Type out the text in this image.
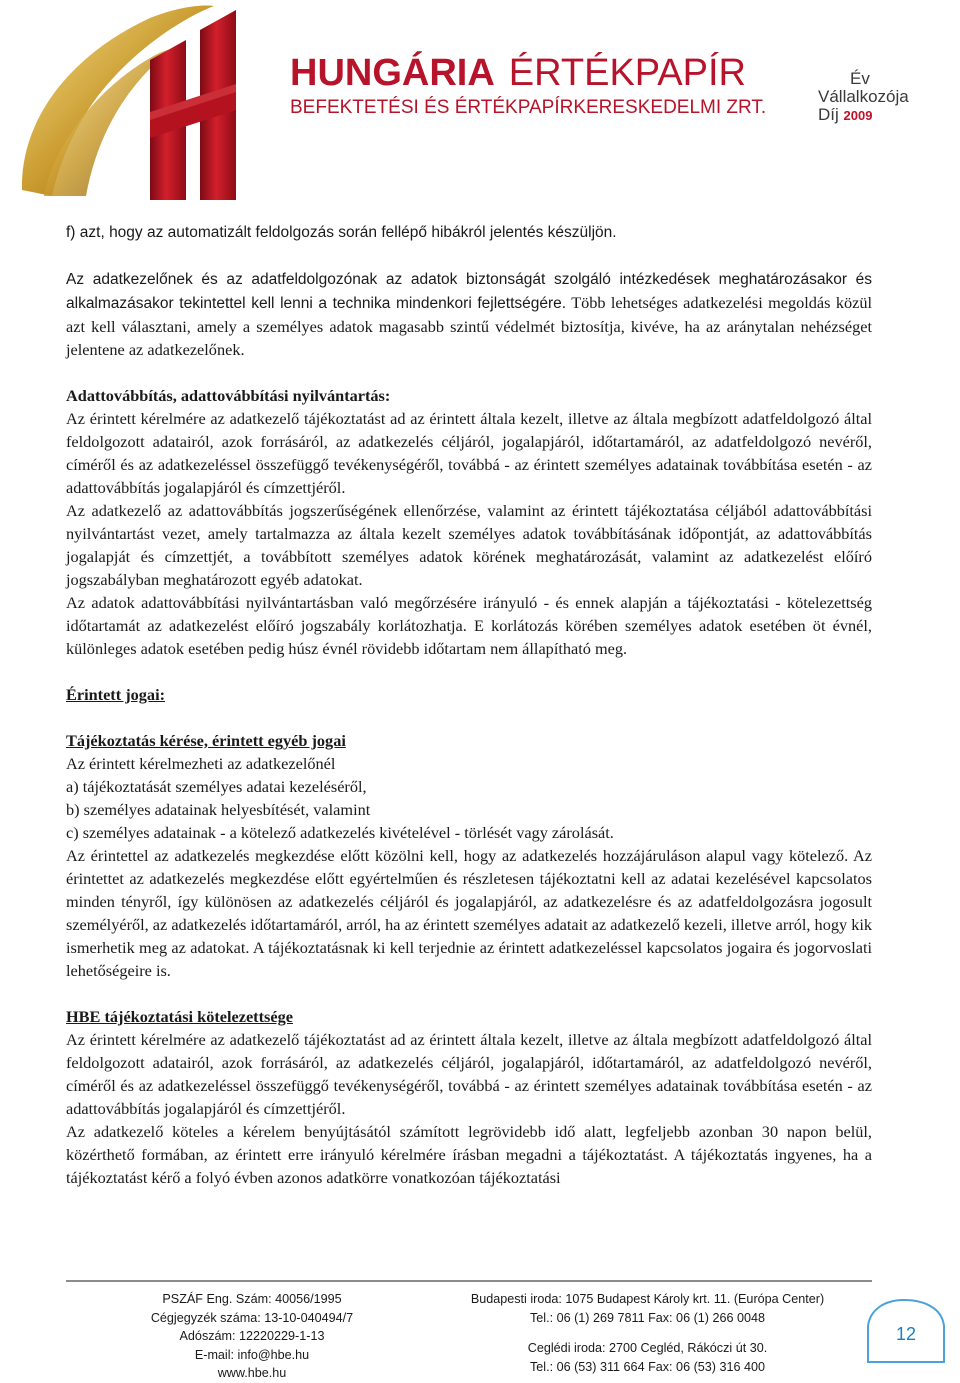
HUNGÁRIA ÉRTÉKPAPÍR
BEFEKTETÉSI ÉS ÉRTÉKPAPÍRKERESKEDELMI ZRT.
Év
Vállalkozója
Díj 2009

f) azt, hogy az automatizált feldolgozás során fellépő hibákról jelentés készüljön.

Az adatkezelőnek és az adatfeldolgozónak az adatok biztonságát szolgáló intézkedések meghatározásakor és alkalmazásakor tekintettel kell lenni a technika mindenkori fejlettségére. Több lehetséges adatkezelési megoldás közül azt kell választani, amely a személyes adatok magasabb szintű védelmét biztosítja, kivéve, ha az aránytalan nehézséget jelentene az adatkezelőnek.

Adattovábbítás, adattovábbítási nyilvántartás:

Az érintett kérelmére az adatkezelő tájékoztatást ad az érintett általa kezelt, illetve az általa megbízott adatfeldolgozó által feldolgozott adatairól, azok forrásáról, az adatkezelés céljáról, jogalapjáról, időtartamáról, az adatfeldolgozó nevéről, címéről és az adatkezeléssel összefüggő tevékenységéről, továbbá - az érintett személyes adatainak továbbítása esetén - az adattovábbítás jogalapjáról és címzettjéről.

Az adatkezelő az adattovábbítás jogszerűségének ellenőrzése, valamint az érintett tájékoztatása céljából adattovábbítási nyilvántartást vezet, amely tartalmazza az általa kezelt személyes adatok továbbításának időpontját, az adattovábbítás jogalapját és címzettjét, a továbbított személyes adatok körének meghatározását, valamint az adatkezelést előíró jogszabályban meghatározott egyéb adatokat.

Az adatok adattovábbítási nyilvántartásban való megőrzésére irányuló - és ennek alapján a tájékoztatási - kötelezettség időtartamát az adatkezelést előíró jogszabály korlátozhatja. E korlátozás körében személyes adatok esetében öt évnél, különleges adatok esetében pedig húsz évnél rövidebb időtartam nem állapítható meg.

Érintett jogai:

Tájékoztatás kérése, érintett egyéb jogai

Az érintett kérelmezheti az adatkezelőnél

a) tájékoztatását személyes adatai kezeléséről,

b) személyes adatainak helyesbítését, valamint

c) személyes adatainak - a kötelező adatkezelés kivételével - törlését vagy zárolását.

Az érintettel az adatkezelés megkezdése előtt közölni kell, hogy az adatkezelés hozzájáruláson alapul vagy kötelező. Az érintettet az adatkezelés megkezdése előtt egyértelműen és részletesen tájékoztatni kell az adatai kezelésével kapcsolatos minden tényről, így különösen az adatkezelés céljáról és jogalapjáról, az adatkezelésre és az adatfeldolgozásra jogosult személyéről, az adatkezelés időtartamáról, arról, ha az érintett személyes adatait az adatkezelő kezeli, illetve arról, hogy kik ismerhetik meg az adatokat. A tájékoztatásnak ki kell terjednie az érintett adatkezeléssel kapcsolatos jogaira és jogorvoslati lehetőségeire is.

HBE tájékoztatási kötelezettsége

Az érintett kérelmére az adatkezelő tájékoztatást ad az érintett általa kezelt, illetve az általa megbízott adatfeldolgozó által feldolgozott adatairól, azok forrásáról, az adatkezelés céljáról, jogalapjáról, időtartamáról, az adatfeldolgozó nevéről, címéről és az adatkezeléssel összefüggő tevékenységéről, továbbá - az érintett személyes adatainak továbbítása esetén - az adattovábbítás jogalapjáról és címzettjéről.

Az adatkezelő köteles a kérelem benyújtásától számított legrövidebb idő alatt, legfeljebb azonban 30 napon belül, közérthető formában, az érintett erre irányuló kérelmére írásban megadni a tájékoztatást. A tájékoztatás ingyenes, ha a tájékoztatást kérő a folyó évben azonos adatkörre vonatkozóan tájékoztatási

PSZÁF Eng. Szám: 40056/1995
Cégjegyzék száma: 13-10-040494/7
Adószám: 12220229-1-13
E-mail: info@hbe.hu
www.hbe.hu
Budapesti iroda: 1075 Budapest Károly krt. 11. (Európa Center)
Tel.: 06 (1) 269 7811 Fax: 06 (1) 266 0048
Ceglédi iroda: 2700 Cegléd, Rákóczi út 30.
Tel.: 06 (53) 311 664 Fax: 06 (53) 316 400
12
